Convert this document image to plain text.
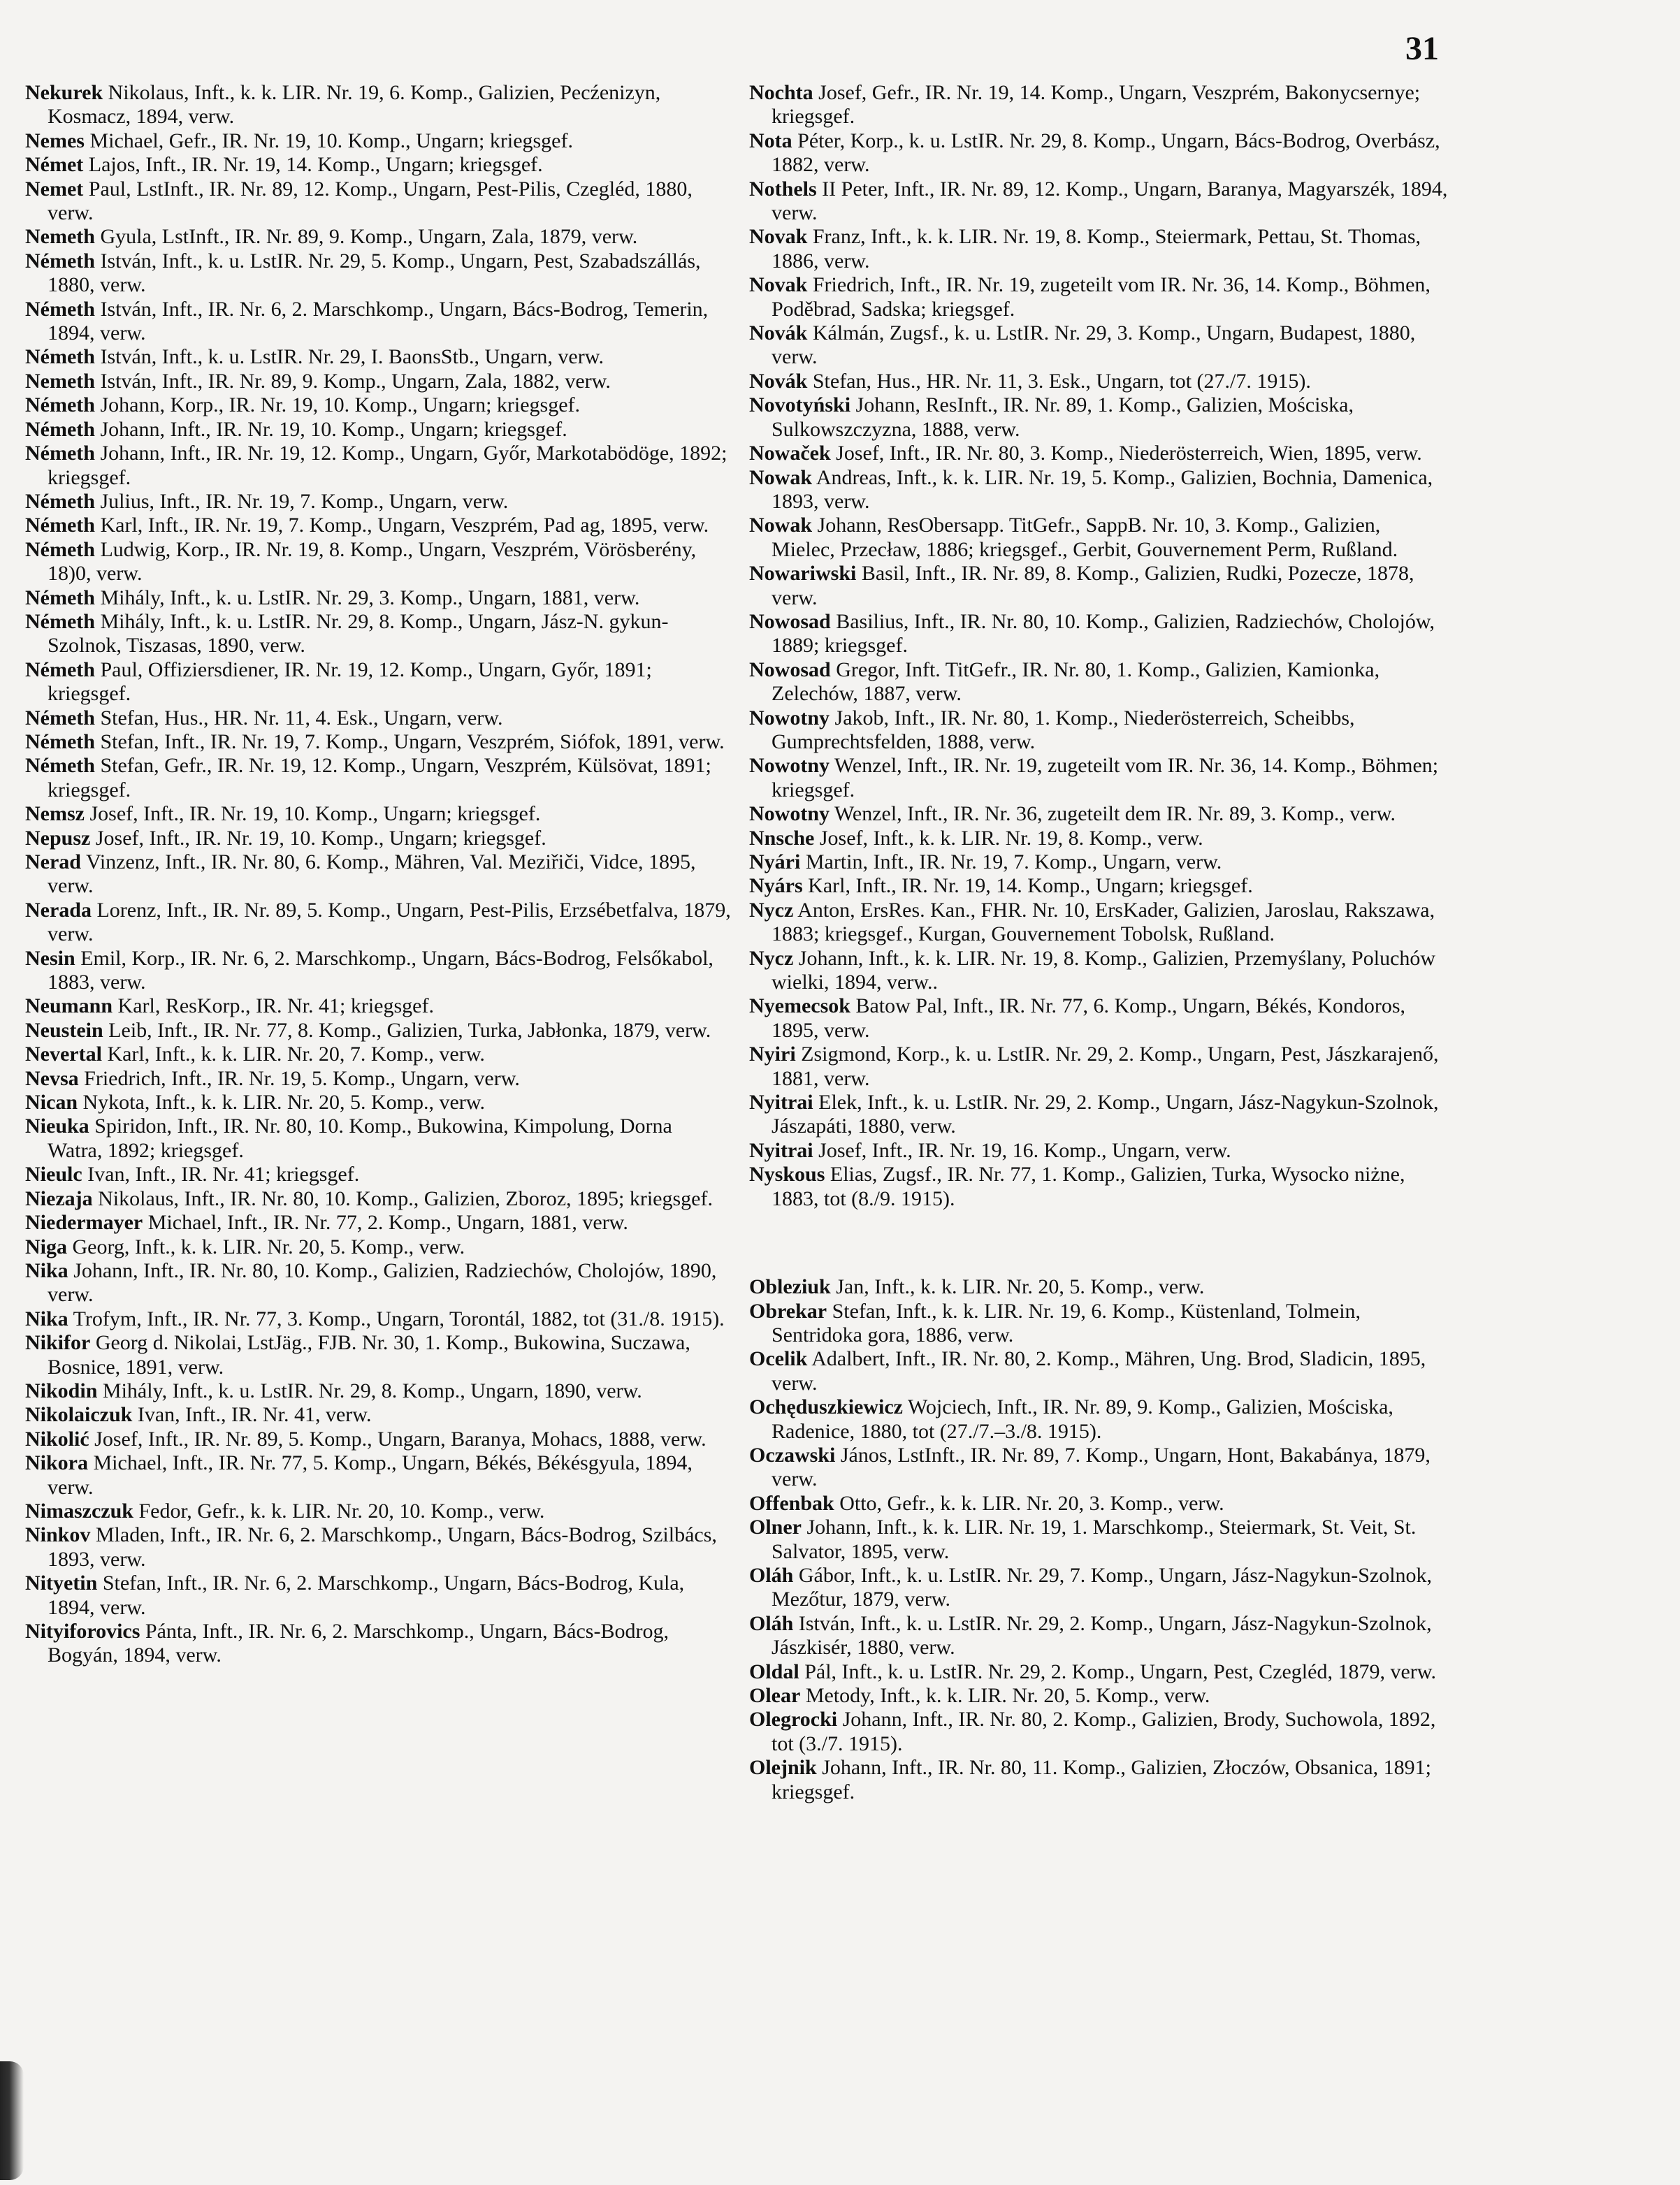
31

Nekurek Nikolaus, Inft., k. k. LIR. Nr. 19, 6. Komp., Galizien, Pecźenizyn, Kosmacz, 1894, verw.

Nemes Michael, Gefr., IR. Nr. 19, 10. Komp., Ungarn; kriegsgef.

Német Lajos, Inft., IR. Nr. 19, 14. Komp., Ungarn; kriegsgef.

Nemet Paul, LstInft., IR. Nr. 89, 12. Komp., Ungarn, Pest-Pilis, Czegléd, 1880, verw.

Nemeth Gyula, LstInft., IR. Nr. 89, 9. Komp., Ungarn, Zala, 1879, verw.

Németh István, Inft., k. u. LstIR. Nr. 29, 5. Komp., Ungarn, Pest, Szabadszállás, 1880, verw.

Németh István, Inft., IR. Nr. 6, 2. Marschkomp., Ungarn, Bács-Bodrog, Temerin, 1894, verw.

Németh István, Inft., k. u. LstIR. Nr. 29, I. BaonsStb., Ungarn, verw.

Nemeth István, Inft., IR. Nr. 89, 9. Komp., Ungarn, Zala, 1882, verw.

Németh Johann, Korp., IR. Nr. 19, 10. Komp., Ungarn; kriegsgef.

Németh Johann, Inft., IR. Nr. 19, 10. Komp., Ungarn; kriegsgef.

Németh Johann, Inft., IR. Nr. 19, 12. Komp., Ungarn, Győr, Markotabödöge, 1892; kriegsgef.

Németh Julius, Inft., IR. Nr. 19, 7. Komp., Ungarn, verw.

Németh Karl, Inft., IR. Nr. 19, 7. Komp., Ungarn, Veszprém, Pad ag, 1895, verw.

Németh Ludwig, Korp., IR. Nr. 19, 8. Komp., Ungarn, Veszprém, Vörösberény, 18)0, verw.

Németh Mihály, Inft., k. u. LstIR. Nr. 29, 3. Komp., Ungarn, 1881, verw.

Németh Mihály, Inft., k. u. LstIR. Nr. 29, 8. Komp., Ungarn, Jász-N. gykun-Szolnok, Tiszasas, 1890, verw.

Németh Paul, Offiziersdiener, IR. Nr. 19, 12. Komp., Ungarn, Győr, 1891; kriegsgef.

Németh Stefan, Hus., HR. Nr. 11, 4. Esk., Ungarn, verw.

Németh Stefan, Inft., IR. Nr. 19, 7. Komp., Ungarn, Veszprém, Siófok, 1891, verw.

Németh Stefan, Gefr., IR. Nr. 19, 12. Komp., Ungarn, Veszprém, Külsövat, 1891; kriegsgef.

Nemsz Josef, Inft., IR. Nr. 19, 10. Komp., Ungarn; kriegsgef.

Nepusz Josef, Inft., IR. Nr. 19, 10. Komp., Ungarn; kriegsgef.

Nerad Vinzenz, Inft., IR. Nr. 80, 6. Komp., Mähren, Val. Meziřiči, Vidce, 1895, verw.

Nerada Lorenz, Inft., IR. Nr. 89, 5. Komp., Ungarn, Pest-Pilis, Erzsébetfalva, 1879, verw.

Nesin Emil, Korp., IR. Nr. 6, 2. Marschkomp., Ungarn, Bács-Bodrog, Felsőkabol, 1883, verw.

Neumann Karl, ResKorp., IR. Nr. 41; kriegsgef.

Neustein Leib, Inft., IR. Nr. 77, 8. Komp., Galizien, Turka, Jabłonka, 1879, verw.

Nevertal Karl, Inft., k. k. LIR. Nr. 20, 7. Komp., verw.

Nevsa Friedrich, Inft., IR. Nr. 19, 5. Komp., Ungarn, verw.

Nican Nykota, Inft., k. k. LIR. Nr. 20, 5. Komp., verw.

Nieuka Spiridon, Inft., IR. Nr. 80, 10. Komp., Bukowina, Kimpolung, Dorna Watra, 1892; kriegsgef.

Nieulc Ivan, Inft., IR. Nr. 41; kriegsgef.

Niezaja Nikolaus, Inft., IR. Nr. 80, 10. Komp., Galizien, Zboroz, 1895; kriegsgef.

Niedermayer Michael, Inft., IR. Nr. 77, 2. Komp., Ungarn, 1881, verw.

Niga Georg, Inft., k. k. LIR. Nr. 20, 5. Komp., verw.

Nika Johann, Inft., IR. Nr. 80, 10. Komp., Galizien, Radziechów, Cholojów, 1890, verw.

Nika Trofym, Inft., IR. Nr. 77, 3. Komp., Ungarn, Torontál, 1882, tot (31./8. 1915).

Nikifor Georg d. Nikolai, LstJäg., FJB. Nr. 30, 1. Komp., Bukowina, Suczawa, Bosnice, 1891, verw.

Nikodin Mihály, Inft., k. u. LstIR. Nr. 29, 8. Komp., Ungarn, 1890, verw.

Nikolaiczuk Ivan, Inft., IR. Nr. 41, verw.

Nikolić Josef, Inft., IR. Nr. 89, 5. Komp., Ungarn, Baranya, Mohacs, 1888, verw.

Nikora Michael, Inft., IR. Nr. 77, 5. Komp., Ungarn, Békés, Békésgyula, 1894, verw.

Nimaszczuk Fedor, Gefr., k. k. LIR. Nr. 20, 10. Komp., verw.

Ninkov Mladen, Inft., IR. Nr. 6, 2. Marschkomp., Ungarn, Bács-Bodrog, Szilbács, 1893, verw.

Nityetin Stefan, Inft., IR. Nr. 6, 2. Marschkomp., Ungarn, Bács-Bodrog, Kula, 1894, verw.

Nityiforovics Pánta, Inft., IR. Nr. 6, 2. Marschkomp., Ungarn, Bács-Bodrog, Bogyán, 1894, verw.

Nochta Josef, Gefr., IR. Nr. 19, 14. Komp., Ungarn, Veszprém, Bakonycsernye; kriegsgef.

Nota Péter, Korp., k. u. LstIR. Nr. 29, 8. Komp., Ungarn, Bács-Bodrog, Overbász, 1882, verw.

Nothels II Peter, Inft., IR. Nr. 89, 12. Komp., Ungarn, Baranya, Magyarszék, 1894, verw.

Novak Franz, Inft., k. k. LIR. Nr. 19, 8. Komp., Steiermark, Pettau, St. Thomas, 1886, verw.

Novak Friedrich, Inft., IR. Nr. 19, zugeteilt vom IR. Nr. 36, 14. Komp., Böhmen, Poděbrad, Sadska; kriegsgef.

Novák Kálmán, Zugsf., k. u. LstIR. Nr. 29, 3. Komp., Ungarn, Budapest, 1880, verw.

Novák Stefan, Hus., HR. Nr. 11, 3. Esk., Ungarn, tot (27./7. 1915).

Novotyński Johann, ResInft., IR. Nr. 89, 1. Komp., Galizien, Mościska, Sulkowszczyzna, 1888, verw.

Nowaček Josef, Inft., IR. Nr. 80, 3. Komp., Niederösterreich, Wien, 1895, verw.

Nowak Andreas, Inft., k. k. LIR. Nr. 19, 5. Komp., Galizien, Bochnia, Damenica, 1893, verw.

Nowak Johann, ResObersapp. TitGefr., SappB. Nr. 10, 3. Komp., Galizien, Mielec, Przecław, 1886; kriegsgef., Gerbit, Gouvernement Perm, Rußland.

Nowariwski Basil, Inft., IR. Nr. 89, 8. Komp., Galizien, Rudki, Pozecze, 1878, verw.

Nowosad Basilius, Inft., IR. Nr. 80, 10. Komp., Galizien, Radziechów, Cholojów, 1889; kriegsgef.

Nowosad Gregor, Inft. TitGefr., IR. Nr. 80, 1. Komp., Galizien, Kamionka, Zelechów, 1887, verw.

Nowotny Jakob, Inft., IR. Nr. 80, 1. Komp., Niederösterreich, Scheibbs, Gumprechtsfelden, 1888, verw.

Nowotny Wenzel, Inft., IR. Nr. 19, zugeteilt vom IR. Nr. 36, 14. Komp., Böhmen; kriegsgef.

Nowotny Wenzel, Inft., IR. Nr. 36, zugeteilt dem IR. Nr. 89, 3. Komp., verw.

Nnsche Josef, Inft., k. k. LIR. Nr. 19, 8. Komp., verw.

Nyári Martin, Inft., IR. Nr. 19, 7. Komp., Ungarn, verw.

Nyárs Karl, Inft., IR. Nr. 19, 14. Komp., Ungarn; kriegsgef.

Nycz Anton, ErsRes. Kan., FHR. Nr. 10, ErsKader, Galizien, Jaroslau, Rakszawa, 1883; kriegsgef., Kurgan, Gouvernement Tobolsk, Rußland.

Nycz Johann, Inft., k. k. LIR. Nr. 19, 8. Komp., Galizien, Przemyślany, Poluchów wielki, 1894, verw..

Nyemecsok Batow Pal, Inft., IR. Nr. 77, 6. Komp., Ungarn, Békés, Kondoros, 1895, verw.

Nyiri Zsigmond, Korp., k. u. LstIR. Nr. 29, 2. Komp., Ungarn, Pest, Jászkarajenő, 1881, verw.

Nyitrai Elek, Inft., k. u. LstIR. Nr. 29, 2. Komp., Ungarn, Jász-Nagykun-Szolnok, Jászapáti, 1880, verw.

Nyitrai Josef, Inft., IR. Nr. 19, 16. Komp., Ungarn, verw.

Nyskous Elias, Zugsf., IR. Nr. 77, 1. Komp., Galizien, Turka, Wysocko niżne, 1883, tot (8./9. 1915).

Obleziuk Jan, Inft., k. k. LIR. Nr. 20, 5. Komp., verw.

Obrekar Stefan, Inft., k. k. LIR. Nr. 19, 6. Komp., Küstenland, Tolmein, Sentridoka gora, 1886, verw.

Ocelik Adalbert, Inft., IR. Nr. 80, 2. Komp., Mähren, Ung. Brod, Sladicin, 1895, verw.

Ochęduszkiewicz Wojciech, Inft., IR. Nr. 89, 9. Komp., Galizien, Mościska, Radenice, 1880, tot (27./7.–3./8. 1915).

Oczawski János, LstInft., IR. Nr. 89, 7. Komp., Ungarn, Hont, Bakabánya, 1879, verw.

Offenbak Otto, Gefr., k. k. LIR. Nr. 20, 3. Komp., verw.

Olner Johann, Inft., k. k. LIR. Nr. 19, 1. Marschkomp., Steiermark, St. Veit, St. Salvator, 1895, verw.

Oláh Gábor, Inft., k. u. LstIR. Nr. 29, 7. Komp., Ungarn, Jász-Nagykun-Szolnok, Mezőtur, 1879, verw.

Oláh István, Inft., k. u. LstIR. Nr. 29, 2. Komp., Ungarn, Jász-Nagykun-Szolnok, Jászkisér, 1880, verw.

Oldal Pál, Inft., k. u. LstIR. Nr. 29, 2. Komp., Ungarn, Pest, Czegléd, 1879, verw.

Olear Metody, Inft., k. k. LIR. Nr. 20, 5. Komp., verw.

Olegrocki Johann, Inft., IR. Nr. 80, 2. Komp., Galizien, Brody, Suchowola, 1892, tot (3./7. 1915).

Olejnik Johann, Inft., IR. Nr. 80, 11. Komp., Galizien, Złoczów, Obsanica, 1891; kriegsgef.
